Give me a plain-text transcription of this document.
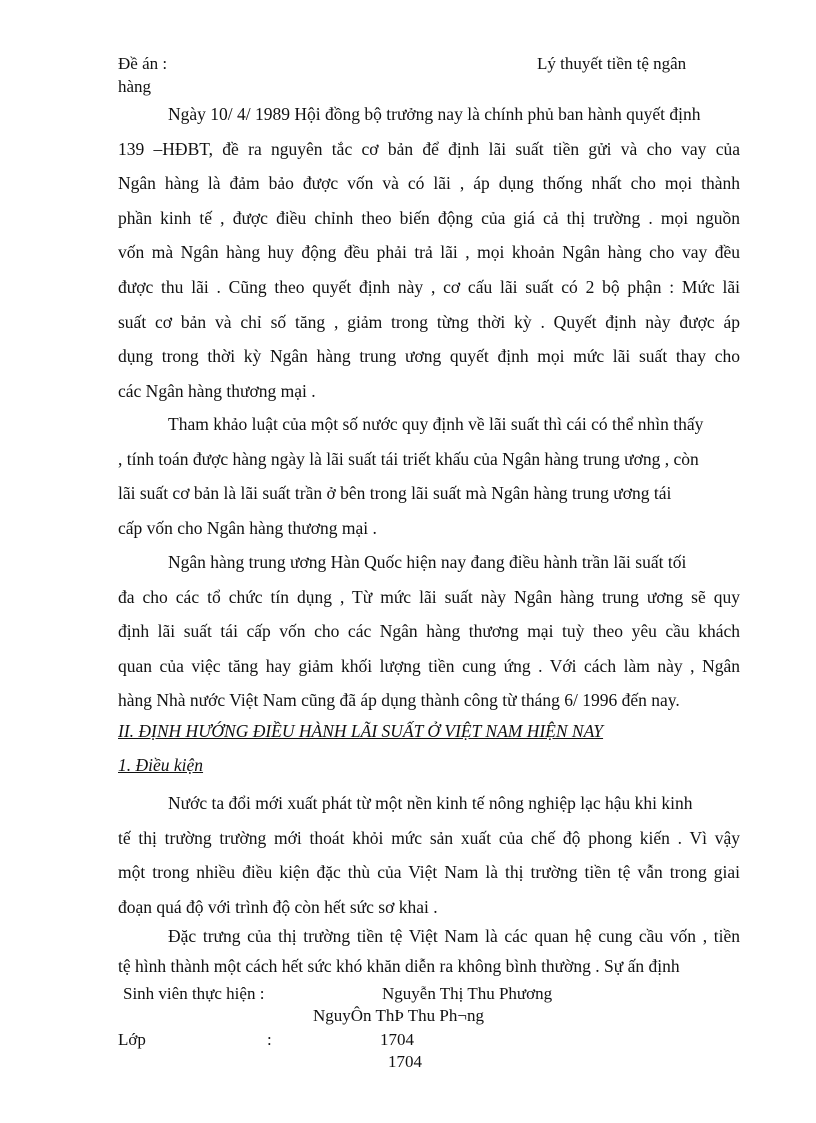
Đề án :	Lý thuyết tiền tệ ngân
hàng
Ngày 10/ 4/ 1989 Hội đồng bộ trưởng nay là chính phủ ban hành quyết định
139 –HĐBT, đề ra nguyên tắc cơ bản để định lãi suất tiền gửi và cho vay của
Ngân hàng là đảm bảo được vốn và có lãi , áp dụng thống nhất cho mọi thành
phần kinh tế , được điều chỉnh theo biến động của giá cả thị trường . mọi nguồn
vốn mà Ngân hàng huy động đều phải trả lãi , mọi khoản Ngân hàng cho vay đều
được thu lãi . Cũng theo quyết định này , cơ cấu lãi suất có 2 bộ phận : Mức lãi
suất cơ bản và chỉ số tăng , giảm trong từng thời kỳ . Quyết định này được áp
dụng trong thời kỳ Ngân hàng trung ương quyết định mọi mức lãi suất thay cho
các Ngân hàng thương mại .
Tham khảo luật của một số nước quy định về lãi suất thì cái có thể nhìn thấy
, tính toán được hàng ngày là lãi suất tái triết khấu của Ngân hàng trung ương , còn
lãi suất cơ bản là lãi suất trần ở bên trong lãi suất mà Ngân hàng trung ương tái
cấp vốn cho Ngân hàng thương mại .
Ngân hàng trung ương Hàn Quốc hiện nay đang điều hành trần lãi suất tối
đa cho các tổ chức tín dụng , Từ mức lãi suất này Ngân hàng trung ương sẽ quy
định lãi suất tái cấp vốn cho các Ngân hàng thương mại tuỳ theo yêu cầu khách
quan của việc tăng hay giảm khối lượng tiền cung ứng . Với cách làm này , Ngân
hàng Nhà nước Việt Nam cũng đã áp dụng thành công từ tháng 6/ 1996 đến nay.
II. ĐỊNH HƯỚNG ĐIỀU HÀNH LÃI SUẤT Ở VIỆT NAM HIỆN NAY
1. Điều kiện
Nước ta đổi mới xuất phát từ một nền kinh tế nông nghiệp lạc hậu khi kinh
tế thị trường trường mới thoát khỏi mức sản xuất của chế độ phong kiến . Vì vậy
một trong nhiều điều kiện đặc thù của Việt Nam là thị trường tiền tệ vẫn trong giai
đoạn quá độ với trình độ còn hết sức sơ khai .
Đặc trưng của thị trường tiền tệ Việt Nam là các quan hệ cung cầu vốn , tiền
tệ hình thành một cách hết sức khó khăn diễn ra không bình thường . Sự ấn định
Sinh viên thực hiện :	Nguyễn Thị Thu Phương
NguyÔn ThÞ Thu Ph¬ng
Lớp	:	1704
1704
